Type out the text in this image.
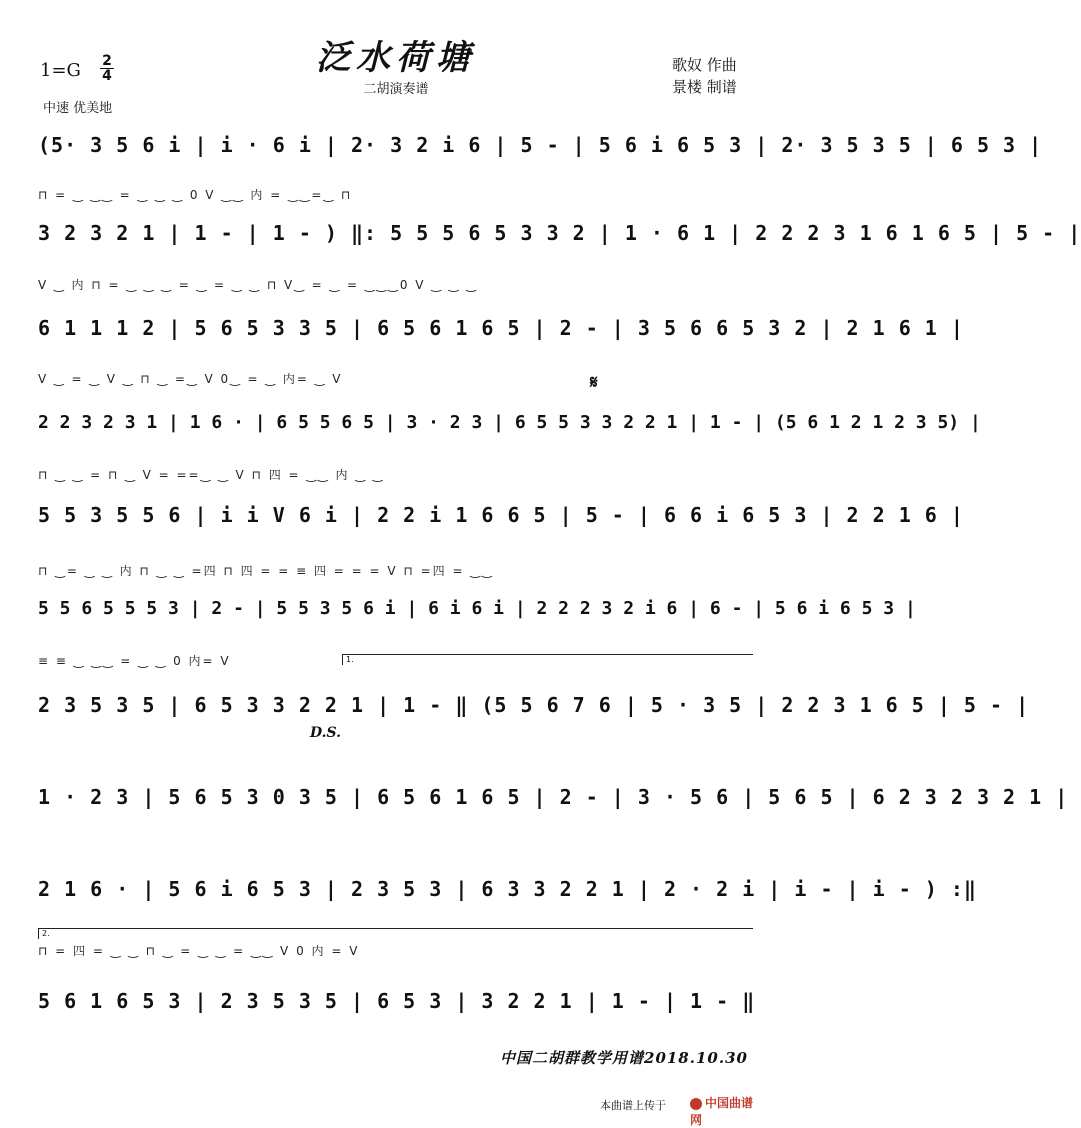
泛水荷塘
二胡演奏谱
1=G 2
4
中速 优美地
歌奴 作曲
景楼 制谱
(5· 3 5 6 i | i · 6 i | 2· 3 2 i 6 | 5 - | 5 6 i 6 5 3 | 2· 3 5 3 5 | 6 5 3 |
⊓ = ‿ ‿‿ = ‿ ‿ ‿ 0 V ‿‿ 内 = ‿‿=‿ ⊓
3 2 3 2 1 | 1 - | 1 - ) ‖: 5 5 5 6 5 3 3 2 | 1 · 6 1 | 2 2 2 3 1 6 1 6 5 | 5 - |
V ‿ 内 ⊓ = ‿ ‿ ‿ = ‿ = ‿ ‿ ⊓ V‿ = ‿ = ‿‿‿0 V ‿ ‿ ‿
6 1 1 1 2 | 5 6 5 3 3 5 | 6 5 6 1 6 5 | 2 - | 3 5 6 6 5 3 2 | 2 1 6 1 |
V ‿ = ‿ V ‿ ⊓ ‿ =‿ V 0‿ = ‿ 内= ‿ V	𝄋
2 2 3 2 3 1 | 1 6 · | 6 5 5 6 5 | 3 · 2 3 | 6 5 5 3 3 2 2 1 | 1 - | (5 6 1 2 1 2 3 5) |
⊓ ‿ ‿ = ⊓ ‿ V = ==‿ ‿ V ⊓ 四 = ‿‿ 内 ‿ ‿
5 5 3 5 5 6 | i i V 6 i | 2 2 i 1 6 6 5 | 5 - | 6 6 i 6 5 3 | 2 2 1 6 |
⊓ ‿= ‿ ‿ 内 ⊓ ‿ ‿ =四 ⊓ 四 = = ≡ 四 = = = V ⊓ =四 = ‿‿
5 5 6 5 5 5 3 | 2 - | 5 5 3 5 6 i | 6 i 6 i | 2 2 2 3 2 i 6 | 6 - | 5 6 i 6 5 3 |
≡ ≡ ‿ ‿‿ = ‿ ‿ 0 内= V	1.
2 3 5 3 5 | 6 5 3 3 2 2 1 | 1 - ‖ (5 5 6 7 6 | 5 · 3 5 | 2 2 3 1 6 5 | 5 - |
D.S.
1 · 2 3 | 5 6 5 3 0 3 5 | 6 5 6 1 6 5 | 2 - | 3 · 5 6 | 5 6 5 | 6 2 3 2 3 2 1 |
2 1 6 · | 5 6 i 6 5 3 | 2 3 5 3 | 6 3 3 2 2 1 | 2 · 2 i | i - | i - ) :‖
2.
⊓ = 四 = ‿ ‿ ⊓ ‿ = ‿ ‿ = ‿‿ V 0 内 = V
5 6 1 6 5 3 | 2 3 5 3 5 | 6 5 3 | 3 2 2 1 | 1 - | 1 - ‖
中国二胡群教学用谱2018.10.30
本曲谱上传于	中国曲谱网
